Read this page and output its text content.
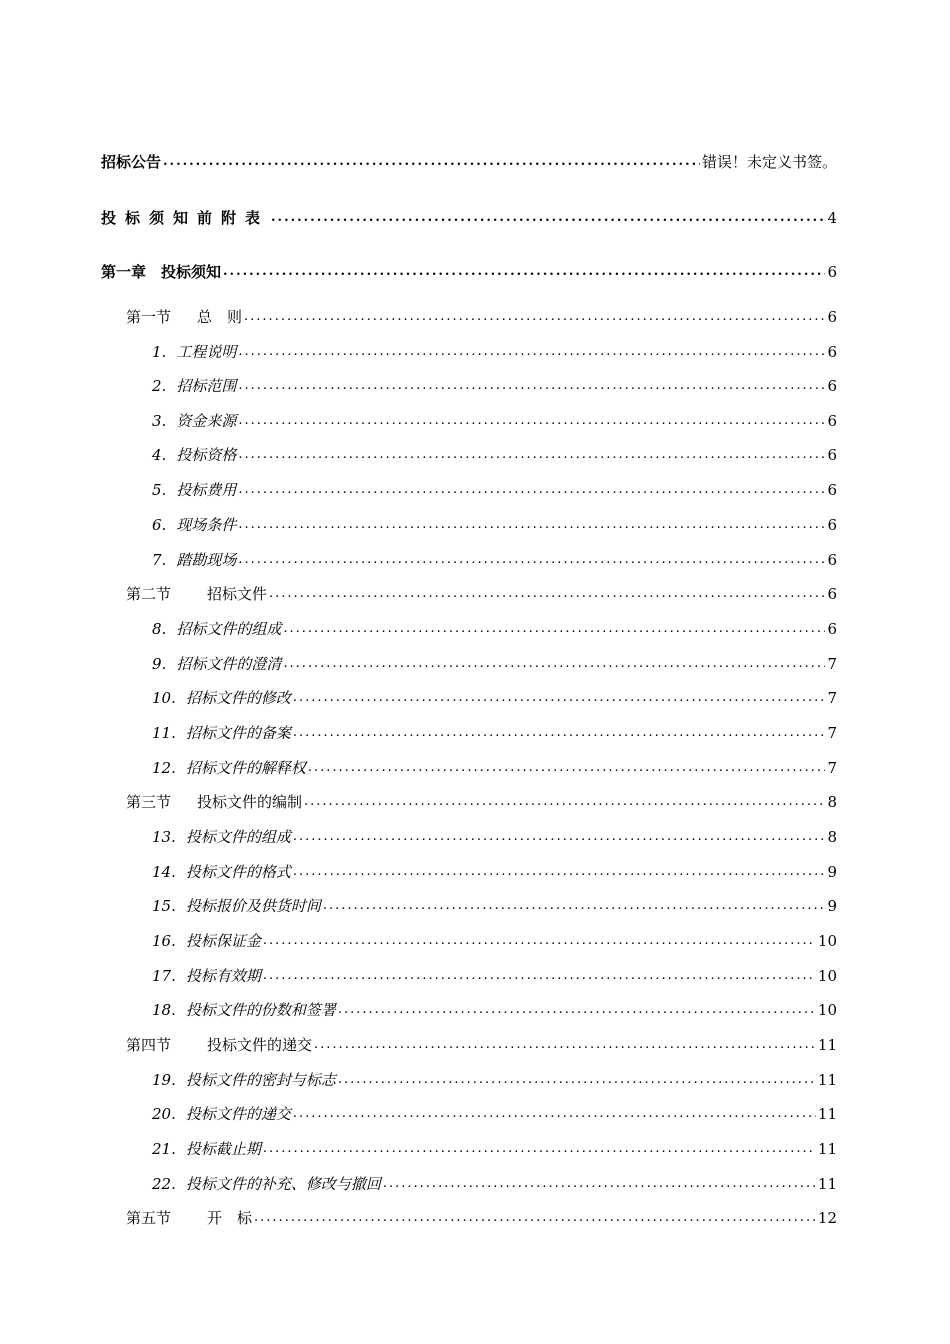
招标公告 .....	错误！未定义书签。
投标须知前附表 .....	4
第一章　投标须知 .....	6
第一节 总　则 .....	6
1. 工程说明 .....	6
2. 招标范围 .....	6
3. 资金来源 .....	6
4. 投标资格 .....	6
5. 投标费用 .....	6
6. 现场条件 .....	6
7. 踏勘现场 .....	6
第二节 招标文件 .....	6
8. 招标文件的组成 .....	6
9. 招标文件的澄清 .....	7
10. 招标文件的修改 .....	7
11. 招标文件的备案 .....	7
12. 招标文件的解释权 .....	7
第三节 投标文件的编制 .....	8
13. 投标文件的组成 .....	8
14. 投标文件的格式 .....	9
15. 投标报价及供货时间 .....	9
16. 投标保证金 .....	10
17. 投标有效期 .....	10
18. 投标文件的份数和签署 .....	10
第四节 投标文件的递交 .....	11
19. 投标文件的密封与标志 .....	11
20. 投标文件的递交 .....	11
21. 投标截止期 .....	11
22. 投标文件的补充、修改与撤回 .....	11
第五节 开　标 .....	12
